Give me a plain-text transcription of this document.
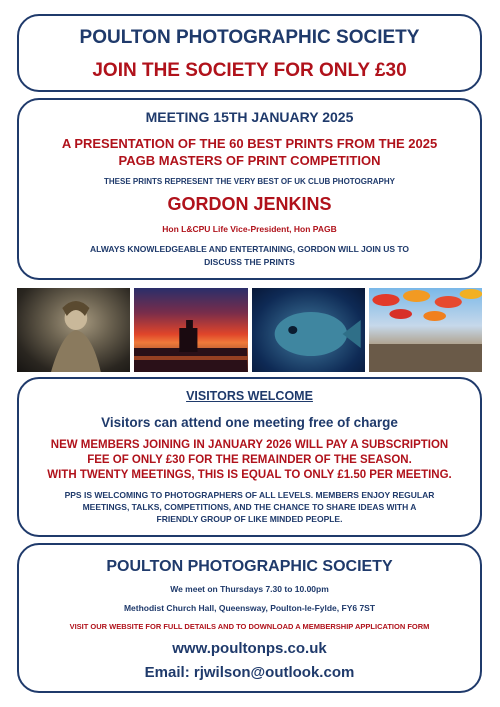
POULTON PHOTOGRAPHIC SOCIETY
JOIN THE SOCIETY FOR ONLY £30
MEETING 15TH JANUARY 2025
A PRESENTATION OF THE 60 BEST PRINTS FROM THE 2025
PAGB MASTERS OF PRINT COMPETITION
THESE PRINTS REPRESENT THE VERY BEST OF UK CLUB PHOTOGRAPHY
GORDON JENKINS
Hon L&CPU Life Vice-President, Hon PAGB
ALWAYS KNOWLEDGEABLE AND ENTERTAINING, GORDON WILL JOIN US TO
DISCUSS THE PRINTS
VISITORS WELCOME
Visitors can attend one meeting free of charge
NEW MEMBERS JOINING IN JANUARY 2026 WILL PAY A SUBSCRIPTION
FEE OF ONLY £30 FOR THE REMAINDER OF THE SEASON.
WITH TWENTY MEETINGS, THIS IS EQUAL TO ONLY £1.50 PER MEETING.
PPS IS WELCOMING TO PHOTOGRAPHERS OF ALL LEVELS. MEMBERS ENJOY REGULAR
MEETINGS, TALKS, COMPETITIONS, AND THE CHANCE TO SHARE IDEAS WITH A
FRIENDLY GROUP OF LIKE MINDED PEOPLE.
POULTON PHOTOGRAPHIC SOCIETY
We meet on Thursdays 7.30 to 10.00pm
Methodist Church Hall, Queensway, Poulton-le-Fylde, FY6 7ST
VISIT OUR WEBSITE FOR FULL DETAILS AND TO DOWNLOAD A MEMBERSHIP APPLICATION FORM
www.poultonps.co.uk
Email: rjwilson@outlook.com
